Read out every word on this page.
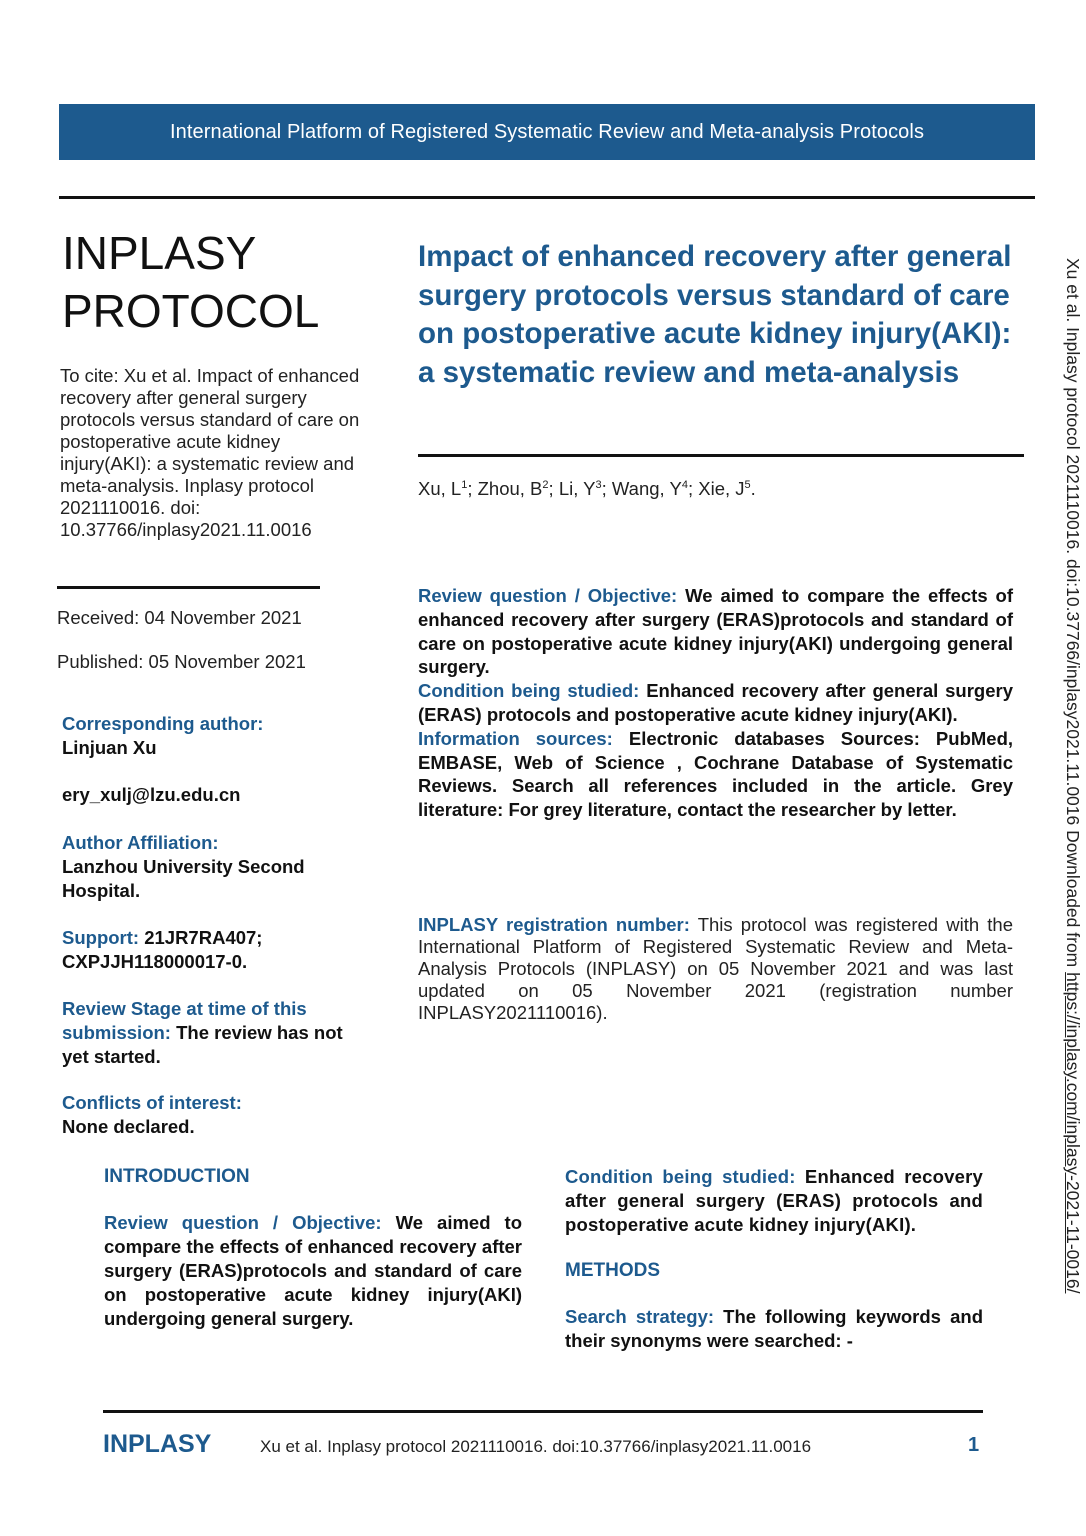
International Platform of Registered Systematic Review and Meta-analysis Protocols
INPLASY
PROTOCOL
To cite: Xu et al. Impact of enhanced recovery after general surgery protocols versus standard of care on postoperative acute kidney injury(AKI): a systematic review and meta-analysis. Inplasy protocol 2021110016. doi: 10.37766/inplasy2021.11.0016
Received: 04 November 2021
Published: 05 November 2021
Corresponding author:
Linjuan Xu
ery_xulj@lzu.edu.cn
Author Affiliation:
Lanzhou University Second Hospital.
Support: 21JR7RA407; CXPJJH118000017-0.
Review Stage at time of this submission: The review has not yet started.
Conflicts of interest:
None declared.
Impact of enhanced recovery after general surgery protocols versus standard of care on postoperative acute kidney injury(AKI): a systematic review and meta-analysis
Xu, $L^1$; Zhou, $B^2$; Li, $Y^3$; Wang, $Y^4$; Xie, $J^5$.

Review question / Objective: We aimed to compare the effects of enhanced recovery after surgery (ERAS)protocols and standard of care on postoperative acute kidney injury(AKI) undergoing general surgery.

Condition being studied: Enhanced recovery after general surgery (ERAS) protocols and postoperative acute kidney injury(AKI).

Information sources: Electronic databases Sources: PubMed, EMBASE, Web of Science , Cochrane Database of Systematic Reviews. Search all references included in the article. Grey literature: For grey literature, contact the researcher by letter.

INPLASY registration number: This protocol was registered with the International Platform of Registered Systematic Review and Meta-Analysis Protocols (INPLASY) on 05 November 2021 and was last updated on 05 November 2021 (registration number INPLASY2021110016).
INTRODUCTION
Review question / Objective: We aimed to compare the effects of enhanced recovery after surgery (ERAS)protocols and standard of care on postoperative acute kidney injury(AKI) undergoing general surgery.
Condition being studied: Enhanced recovery after general surgery (ERAS) protocols and postoperative acute kidney injury(AKI).
METHODS
Search strategy: The following keywords and their synonyms were searched: -
INPLASY	Xu et al. Inplasy protocol 2021110016. doi:10.37766/inplasy2021.11.0016	1
Xu et al. Inplasy protocol 2021110016. doi:10.37766/inplasy2021.11.0016 Downloaded from https://inplasy.com/inplasy-2021-11-0016/
